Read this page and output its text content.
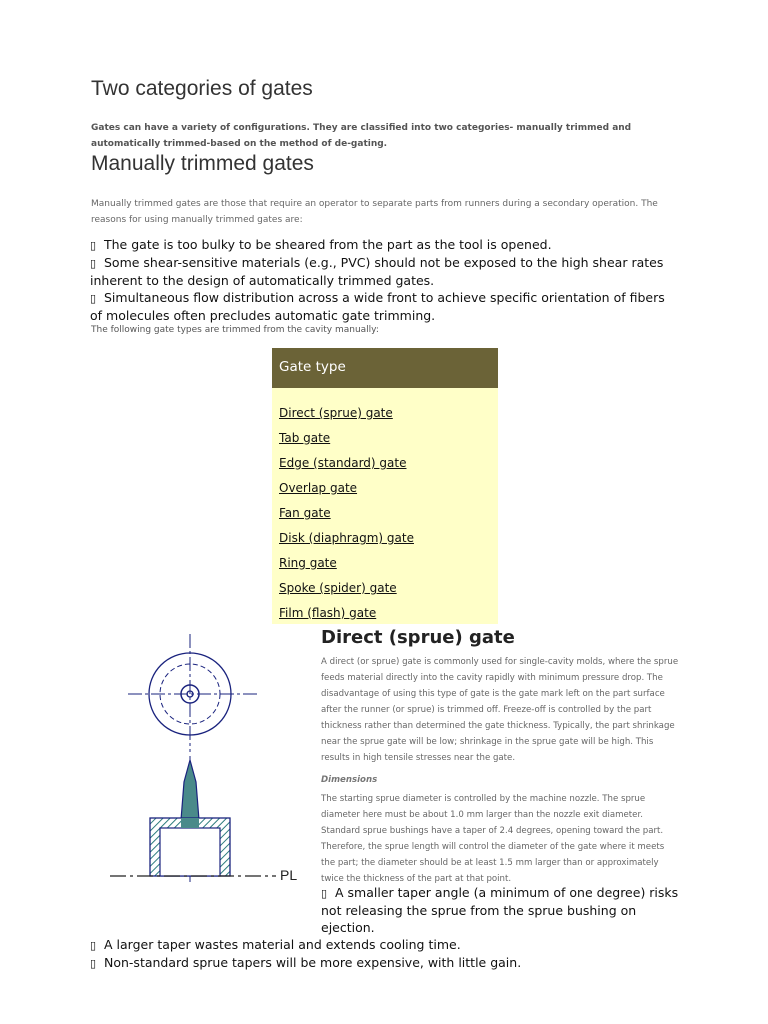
Two categories of gates

Gates can have a variety of configurations. They are classified into two categories- manually trimmed and automatically trimmed-based on the method of de-gating.

Manually trimmed gates

Manually trimmed gates are those that require an operator to separate parts from runners during a secondary operation. The reasons for using manually trimmed gates are:

▯ The gate is too bulky to be sheared from the part as the tool is opened.
▯ Some shear-sensitive materials (e.g., PVC) should not be exposed to the high shear rates inherent to the design of automatically trimmed gates.
▯ Simultaneous flow distribution across a wide front to achieve specific orientation of fibers of molecules often precludes automatic gate trimming.

The following gate types are trimmed from the cavity manually:

Gate type
Direct (sprue) gate
Tab gate
Edge (standard) gate
Overlap gate
Fan gate
Disk (diaphragm) gate
Ring gate
Spoke (spider) gate
Film (flash) gate
PL
Direct (sprue) gate

A direct (or sprue) gate is commonly used for single-cavity molds, where the sprue feeds material directly into the cavity rapidly with minimum pressure drop. The disadvantage of using this type of gate is the gate mark left on the part surface after the runner (or sprue) is trimmed off. Freeze-off is controlled by the part thickness rather than determined the gate thickness. Typically, the part shrinkage near the sprue gate will be low; shrinkage in the sprue gate will be high. This results in high tensile stresses near the gate.

Dimensions

The starting sprue diameter is controlled by the machine nozzle. The sprue diameter here must be about 1.0 mm larger than the nozzle exit diameter. Standard sprue bushings have a taper of 2.4 degrees, opening toward the part. Therefore, the sprue length will control the diameter of the gate where it meets the part; the diameter should be at least 1.5 mm larger than or approximately twice the thickness of the part at that point.

▯ A smaller taper angle (a minimum of one degree) risks not releasing the sprue from the sprue bushing on ejection.
▯ A larger taper wastes material and extends cooling time.
▯ Non-standard sprue tapers will be more expensive, with little gain.
